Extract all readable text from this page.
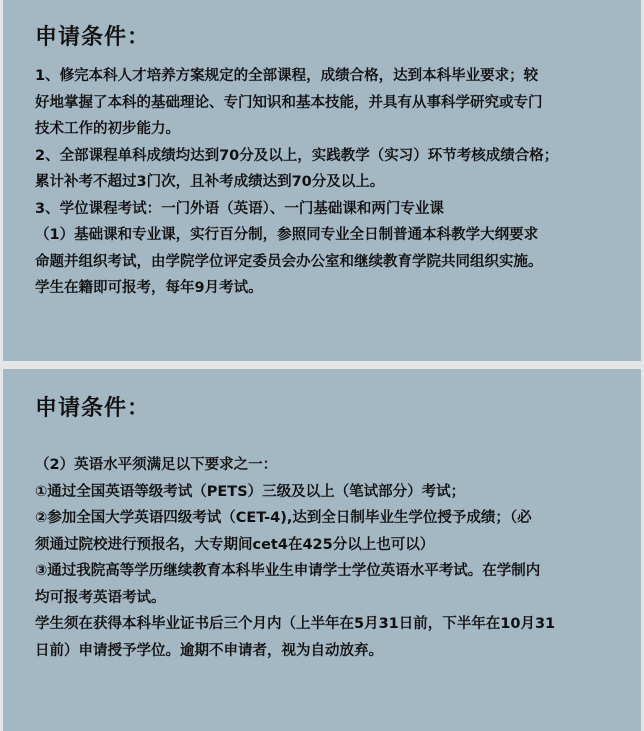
申请条件：

1、修完本科人才培养方案规定的全部课程，成绩合格，达到本科毕业要求；较

好地掌握了本科的基础理论、专门知识和基本技能，并具有从事科学研究或专门

技术工作的初步能力。

2、全部课程单科成绩均达到70分及以上，实践教学（实习）环节考核成绩合格；

累计补考不超过3门次，且补考成绩达到70分及以上。

3、学位课程考试：一门外语（英语）、一门基础课和两门专业课

（1）基础课和专业课，实行百分制，参照同专业全日制普通本科教学大纲要求

命题并组织考试，由学院学位评定委员会办公室和继续教育学院共同组织实施。

学生在籍即可报考，每年9月考试。

申请条件：

（2）英语水平须满足以下要求之一：

①通过全国英语等级考试（PETS）三级及以上（笔试部分）考试；

②参加全国大学英语四级考试（CET-4),达到全日制毕业生学位授予成绩；（必

须通过院校进行预报名，大专期间cet4在425分以上也可以）

③通过我院高等学历继续教育本科毕业生申请学士学位英语水平考试。在学制内

均可报考英语考试。

学生须在获得本科毕业证书后三个月内（上半年在5月31日前，下半年在10月31

日前）申请授予学位。逾期不申请者，视为自动放弃。
